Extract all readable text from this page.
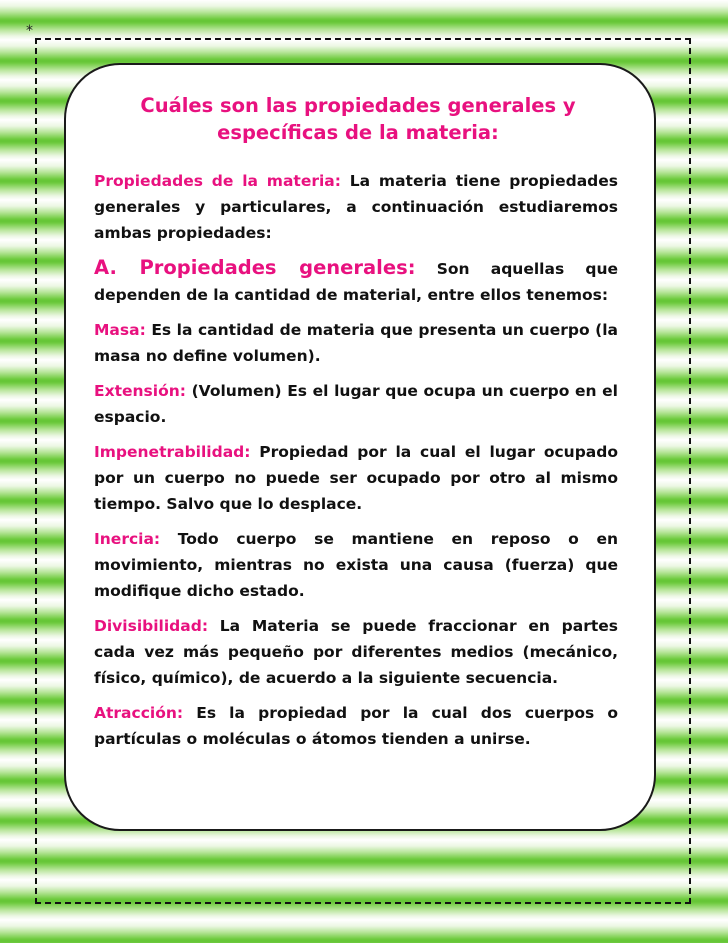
*
Cuáles son las propiedades generales y
específicas de la materia:

Propiedades de la materia: La materia tiene propiedades generales y particulares, a continuación estudiaremos ambas propiedades:

A. Propiedades generales: Son aquellas que dependen de la cantidad de material, entre ellos tenemos:

Masa: Es la cantidad de materia que presenta un cuerpo (la masa no define volumen).

Extensión: (Volumen) Es el lugar que ocupa un cuerpo en el espacio.

Impenetrabilidad: Propiedad por la cual el lugar ocupado por un cuerpo no puede ser ocupado por otro al mismo tiempo. Salvo que lo desplace.

Inercia: Todo cuerpo se mantiene en reposo o en movimiento, mientras no exista una causa (fuerza) que modifique dicho estado.

Divisibilidad: La Materia se puede fraccionar en partes cada vez más pequeño por diferentes medios (mecánico, físico, químico), de acuerdo a la siguiente secuencia.

Atracción: Es la propiedad por la cual dos cuerpos o partículas o moléculas o átomos tienden a unirse.
